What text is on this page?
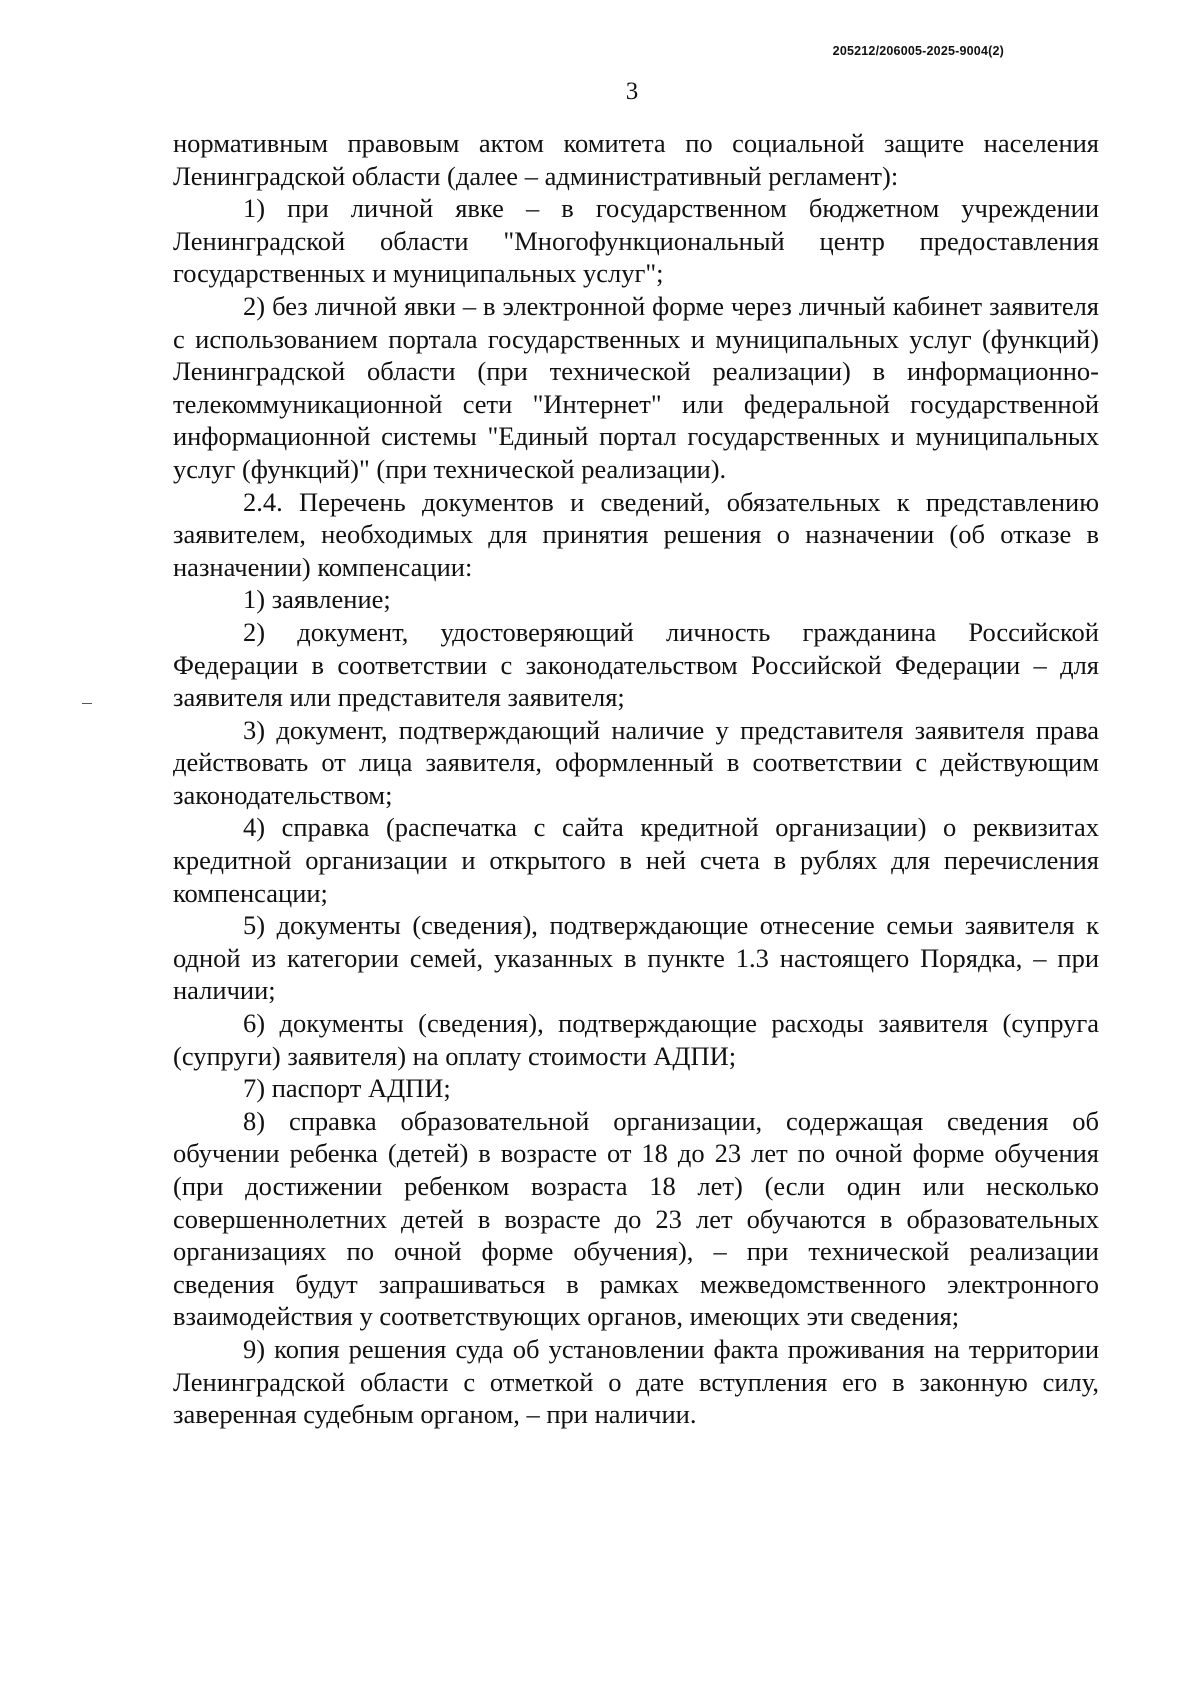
205212/206005-2025-9004(2)
3

нормативным правовым актом комитета по социальной защите населения Ленинградской области (далее – административный регламент):

1) при личной явке – в государственном бюджетном учреждении Ленинградской области "Многофункциональный центр предоставления государственных и муниципальных услуг";

2) без личной явки – в электронной форме через личный кабинет заявителя с использованием портала государственных и муниципальных услуг (функций) Ленинградской области (при технической реализации) в информационно-телекоммуникационной сети "Интернет" или федеральной государственной информационной системы "Единый портал государственных и муниципальных услуг (функций)" (при технической реализации).

2.4. Перечень документов и сведений, обязательных к представлению заявителем, необходимых для принятия решения о назначении (об отказе в назначении) компенсации:

1) заявление;

2) документ, удостоверяющий личность гражданина Российской Федерации в соответствии с законодательством Российской Федерации – для заявителя или представителя заявителя;

3) документ, подтверждающий наличие у представителя заявителя права действовать от лица заявителя, оформленный в соответствии с действующим законодательством;

4) справка (распечатка с сайта кредитной организации) о реквизитах кредитной организации и открытого в ней счета в рублях для перечисления компенсации;

5) документы (сведения), подтверждающие отнесение семьи заявителя к одной из категории семей, указанных в пункте 1.3 настоящего Порядка, – при наличии;

6) документы (сведения), подтверждающие расходы заявителя (супруга (супруги) заявителя) на оплату стоимости АДПИ;

7) паспорт АДПИ;

8) справка образовательной организации, содержащая сведения об обучении ребенка (детей) в возрасте от 18 до 23 лет по очной форме обучения (при достижении ребенком возраста 18 лет) (если один или несколько совершеннолетних детей в возрасте до 23 лет обучаются в образовательных организациях по очной форме обучения), – при технической реализации сведения будут запрашиваться в рамках межведомственного электронного взаимодействия у соответствующих органов, имеющих эти сведения;

9) копия решения суда об установлении факта проживания на территории Ленинградской области с отметкой о дате вступления его в законную силу, заверенная судебным органом, – при наличии.
